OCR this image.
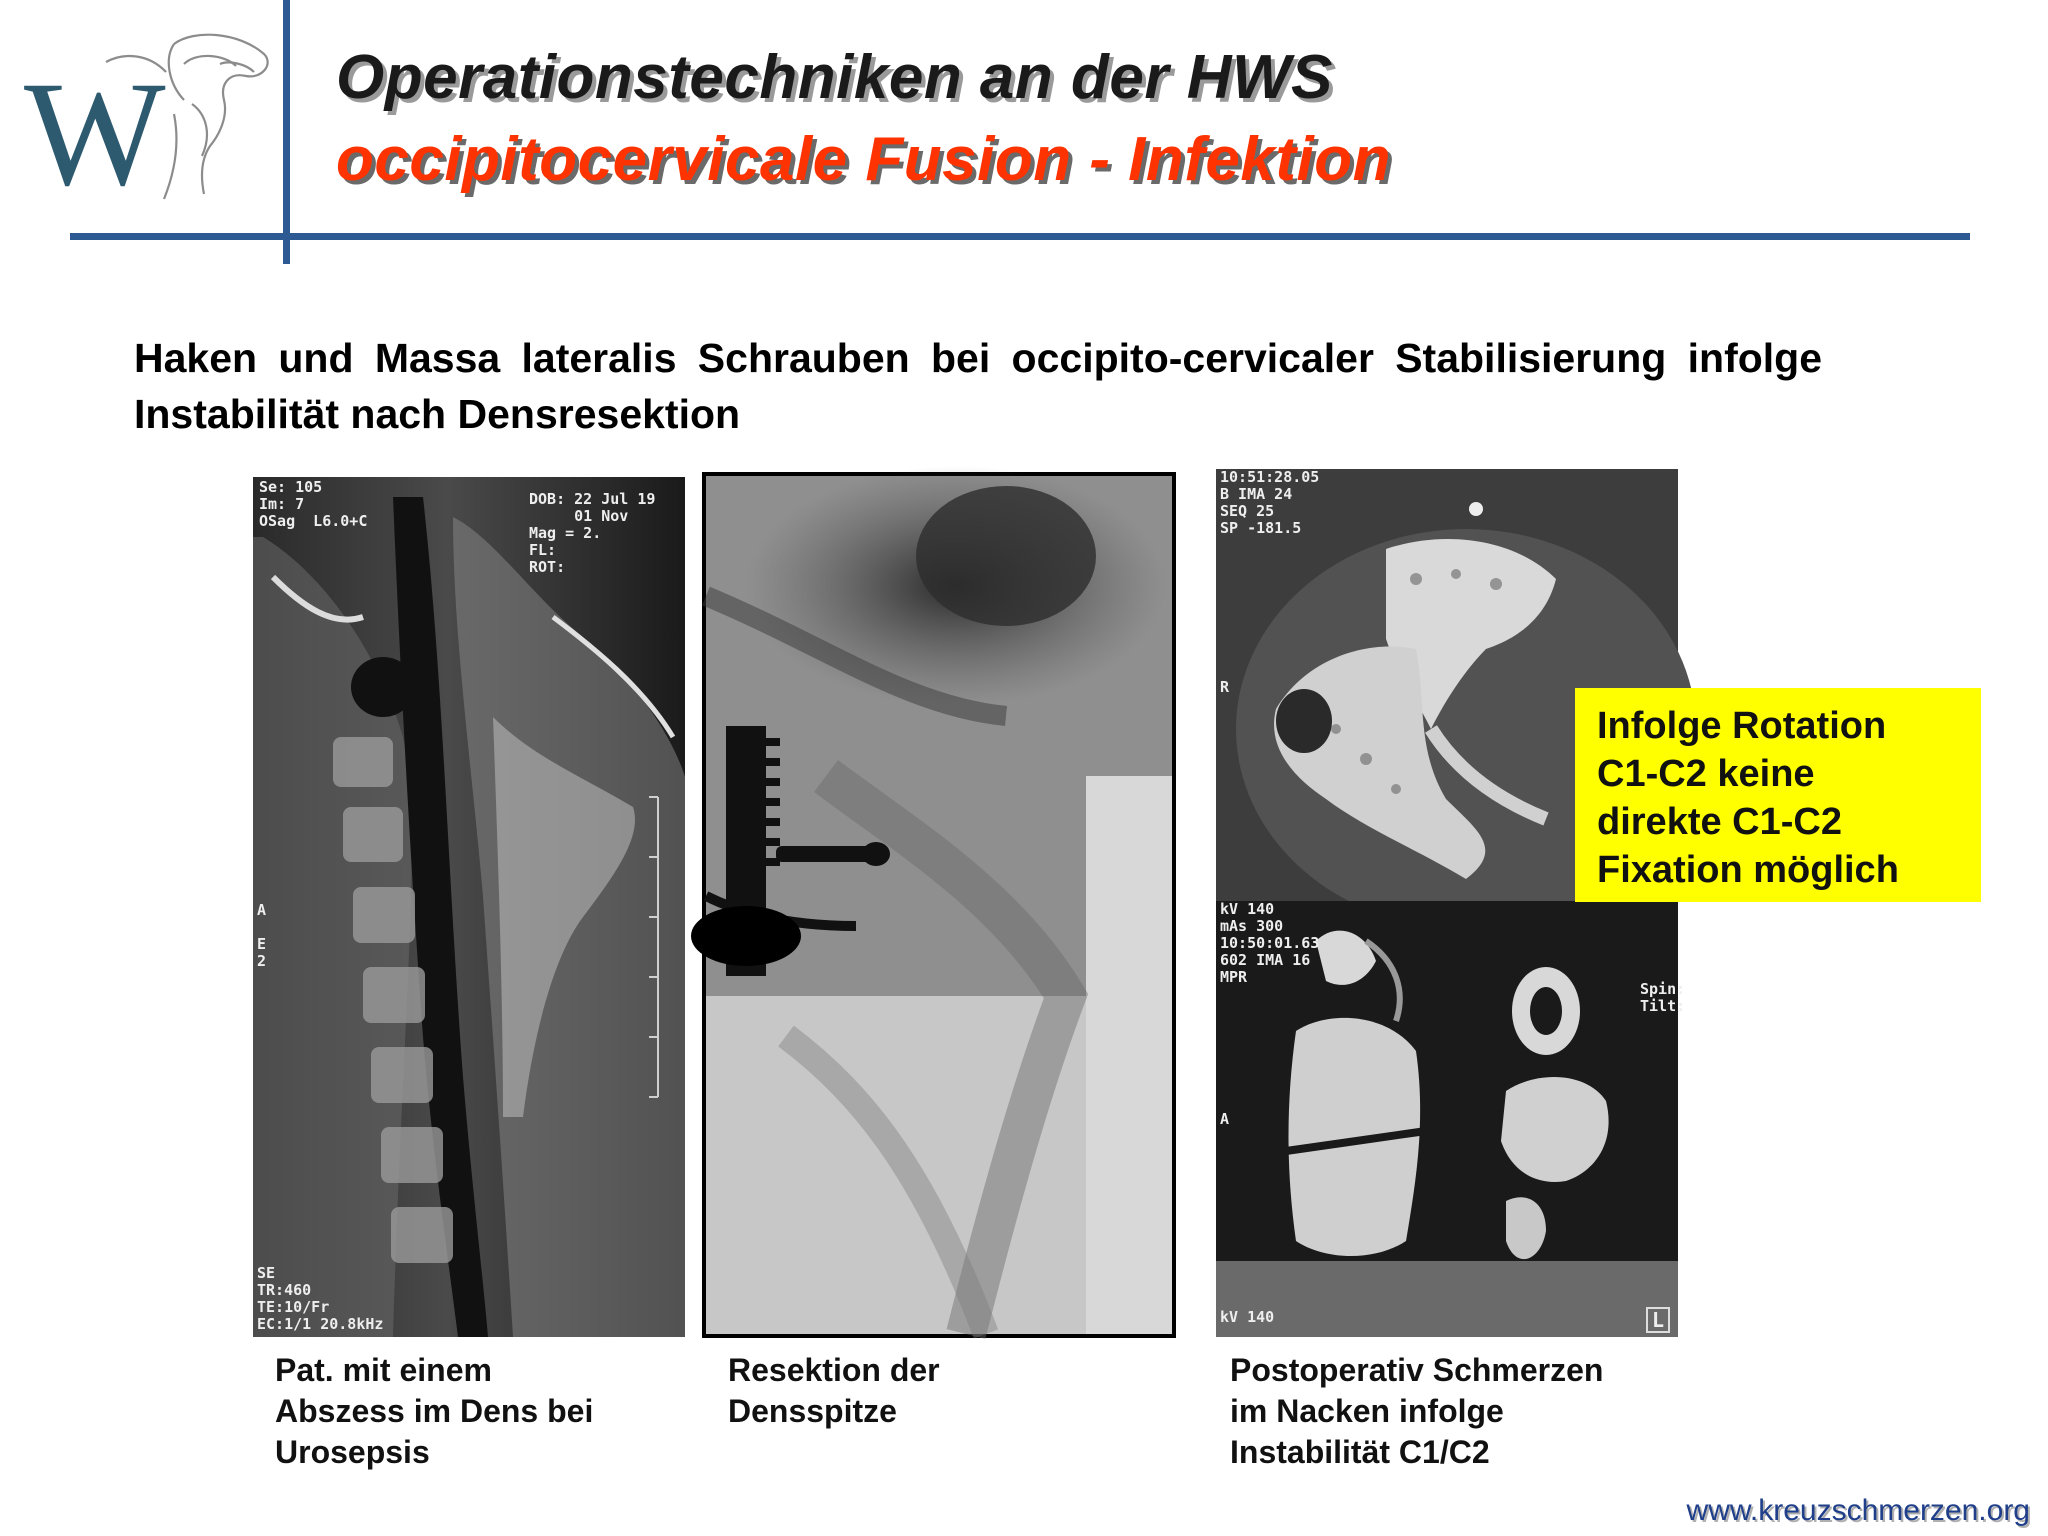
W	Operationstechniken an der HWS
occipitocervicale Fusion - Infektion
Haken und Massa lateralis Schrauben bei occipito-cervicaler Stabilisierung infolge Instabilität nach Densresektion
Se: 105
Im: 7
OSag  L6.0+C
DOB: 22 Jul 19
01 Nov
Mag = 2.
FL:
ROT:
A

E
2
SE
TR:460
TE:10/Fr
EC:1/1 20.8kHz
10:51:28.05
B IMA 24
SEQ 25
SP -181.5
R
kV 140
mAs 300
10:50:01.63
602 IMA 16
MPR
Spin:
Tilt:
A
kV 140	L
Infolge Rotation
C1-C2 keine
direkte C1-C2
Fixation möglich
Pat. mit einem
Abszess im Dens bei
Urosepsis
Resektion der
Densspitze
Postoperativ Schmerzen
im Nacken infolge
Instabilität C1/C2
www.kreuzschmerzen.org
